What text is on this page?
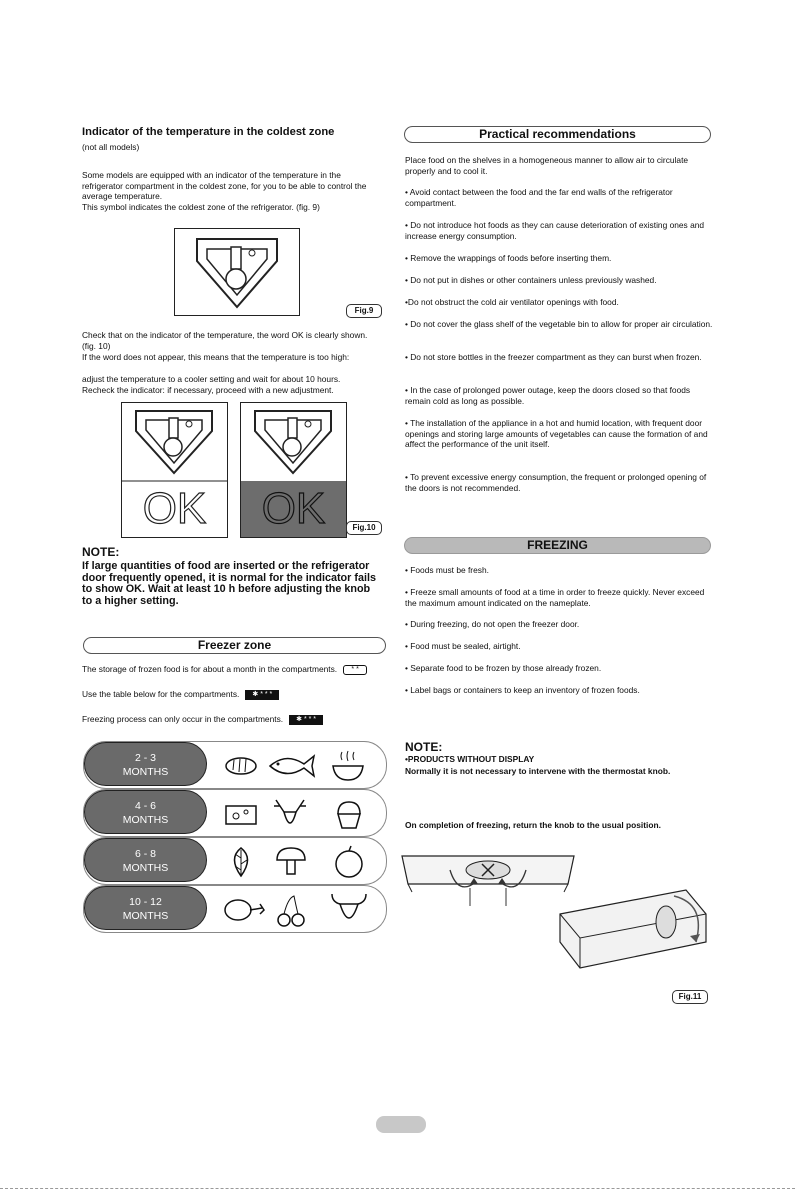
Indicator of the temperature in the coldest zone
(not all models)
Some models are equipped with an indicator of the temperature in the refrigerator compartment in the coldest zone, for you to be able to control the average temperature.
This symbol indicates the coldest zone of the refrigerator. (fig. 9)
Fig.9
Check that on the indicator of the temperature, the word OK is clearly shown. (fig. 10)
If the word does not appear, this means that the temperature is too high:
adjust the temperature to a cooler setting and wait for about 10 hours.
Recheck the indicator: if necessary, proceed with a new adjustment.
OK	OK	Fig.10
NOTE:
If large quantities of food are inserted or the refrigerator door frequently opened, it is normal for the indicator fails to show OK. Wait at least 10 h before adjusting the knob to a higher setting.
Freezer zone
The storage of frozen food is for about a month in the compartments. * *
Use the table below for the compartments. ✱ * * *
Freezing process can only occur in the compartments. ✱ * * *
2 - 3
MONTHS
4 - 6
MONTHS
6 - 8
MONTHS
10 - 12
MONTHS
Practical recommendations
Place food on the shelves in a homogeneous manner to allow air to circulate properly and to cool it.
• Avoid contact between the food and the far end walls of the refrigerator compartment.
• Do not introduce hot foods as they can cause deterioration of existing ones and increase energy consumption.
• Remove the wrappings of foods before inserting them.
• Do not put in dishes or other containers unless previously washed.
•Do not obstruct the cold air ventilator openings with food.
• Do not cover the glass shelf of the vegetable bin to allow for proper air circulation.
• Do not store bottles in the freezer compartment as they can burst when frozen.
• In the case of prolonged power outage, keep the doors closed so that foods remain cold as long as possible.
• The installation of the appliance in a hot and humid location, with frequent door openings and storing large amounts of vegetables can cause the formation of and affect the performance of the unit itself.
• To prevent excessive energy consumption, the frequent or prolonged opening of the doors is not recommended.
FREEZING
• Foods must be fresh.
• Freeze small amounts of food at a time in order to freeze quickly. Never exceed the maximum amount indicated on the nameplate.
• During freezing, do not open the freezer door.
• Food must be sealed, airtight.
• Separate food to be frozen by those already frozen.
• Label bags or containers to keep an inventory of frozen foods.
NOTE:
•PRODUCTS WITHOUT DISPLAY
Normally it is not necessary to intervene with the thermostat knob.
On completion of freezing, return the knob to the usual position.
Fig.11
